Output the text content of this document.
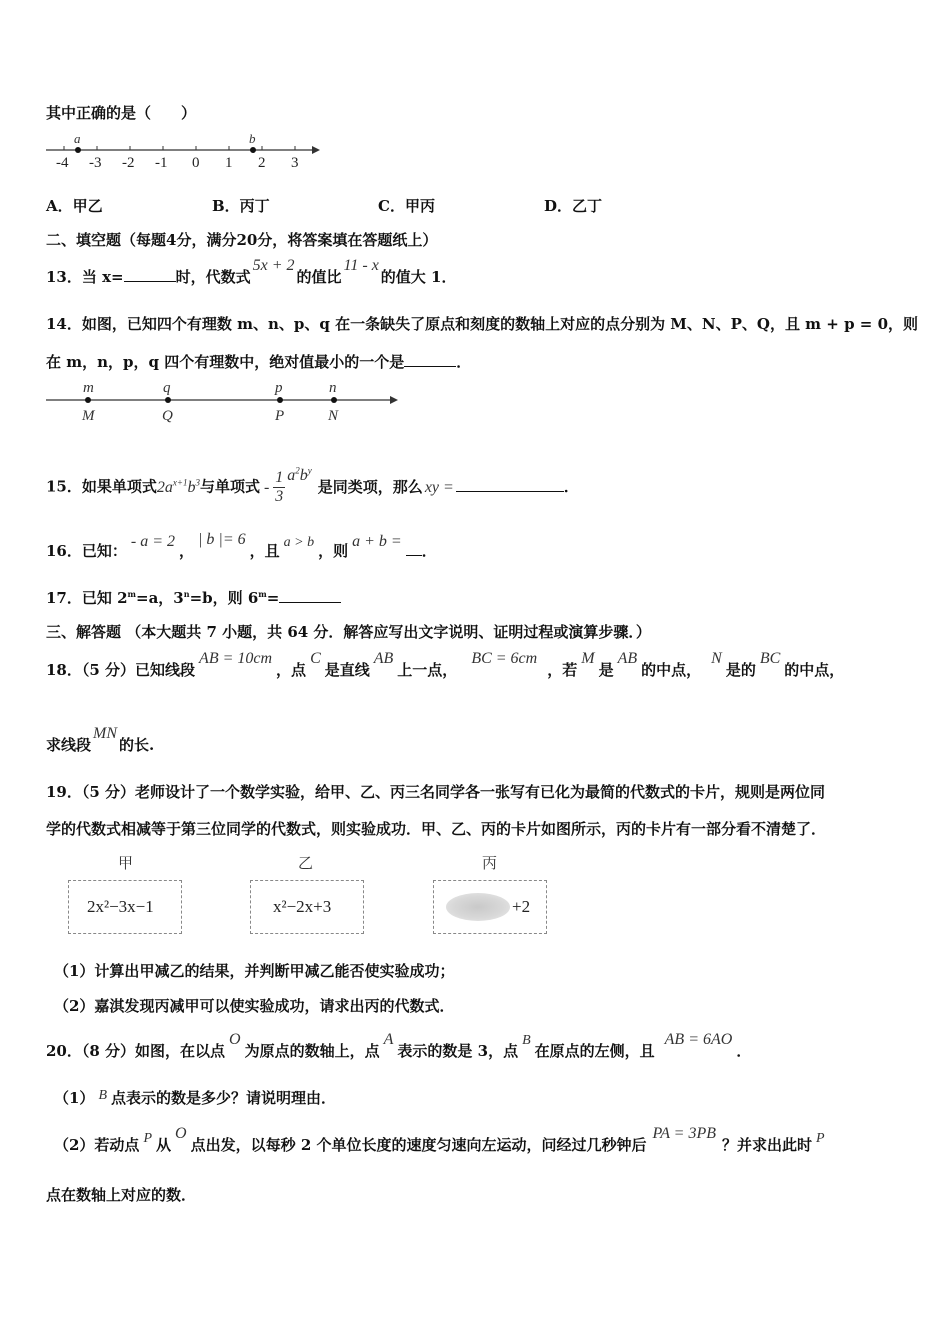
其中正确的是（　　）
-4 -3 -2 -1 0 1 2 3
a	b
A．甲乙	B．丙丁	C．甲丙	D．乙丁
二、填空题（每题4分，满分20分，将答案填在答题纸上）
13．当 x=	时，代数式5x + 2的值比11 - x的值大 1．
14．如图，已知四个有理数 m、n、p、q 在一条缺失了原点和刻度的数轴上对应的点分别为 M、N、P、Q，且 m + p = 0，则
在 m，n，p，q 四个有理数中，绝对值最小的一个是	．
m	q	p	n
M	Q	P	N
15．如果单项式$2a^{x+1}b^3$与单项式 - $\frac{1}{3} a^2b^y$是同类项，那么 xy =	．
16．已知：- a = 2，| b |= 6，且 a > b ，则a + b =．
17．已知 $2^m=a$，$3^n=b$，则 $6^m=$
三、解答题 （本大题共 7 小题，共 64 分．解答应写出文字说明、证明过程或演算步骤．）
18．（5 分）已知线段AB = 10cm，点C是直线AB上一点，BC = 6cm，若M是AB的中点，N是的BC的中点，
求线段MN的长.
19．（5 分）老师设计了一个数学实验，给甲、乙、丙三名同学各一张写有已化为最简的代数式的卡片，规则是两位同
学的代数式相减等于第三位同学的代数式，则实验成功．甲、乙、丙的卡片如图所示，丙的卡片有一部分看不清楚了．
甲	乙	丙
2x²−3x−1	x²−2x+3	+2
（1）计算出甲减乙的结果，并判断甲减乙能否使实验成功；
（2）嘉淇发现丙减甲可以使实验成功，请求出丙的代数式．
20．（8 分）如图，在以点O为原点的数轴上，点A表示的数是 3，点B在原点的左侧，且AB = 6AO．
（1） B 点表示的数是多少？请说明理由．
（2）若动点 P 从O点出发，以每秒 2 个单位长度的速度匀速向左运动，问经过几秒钟后PA = 3PB？并求出此时 P
点在数轴上对应的数．
